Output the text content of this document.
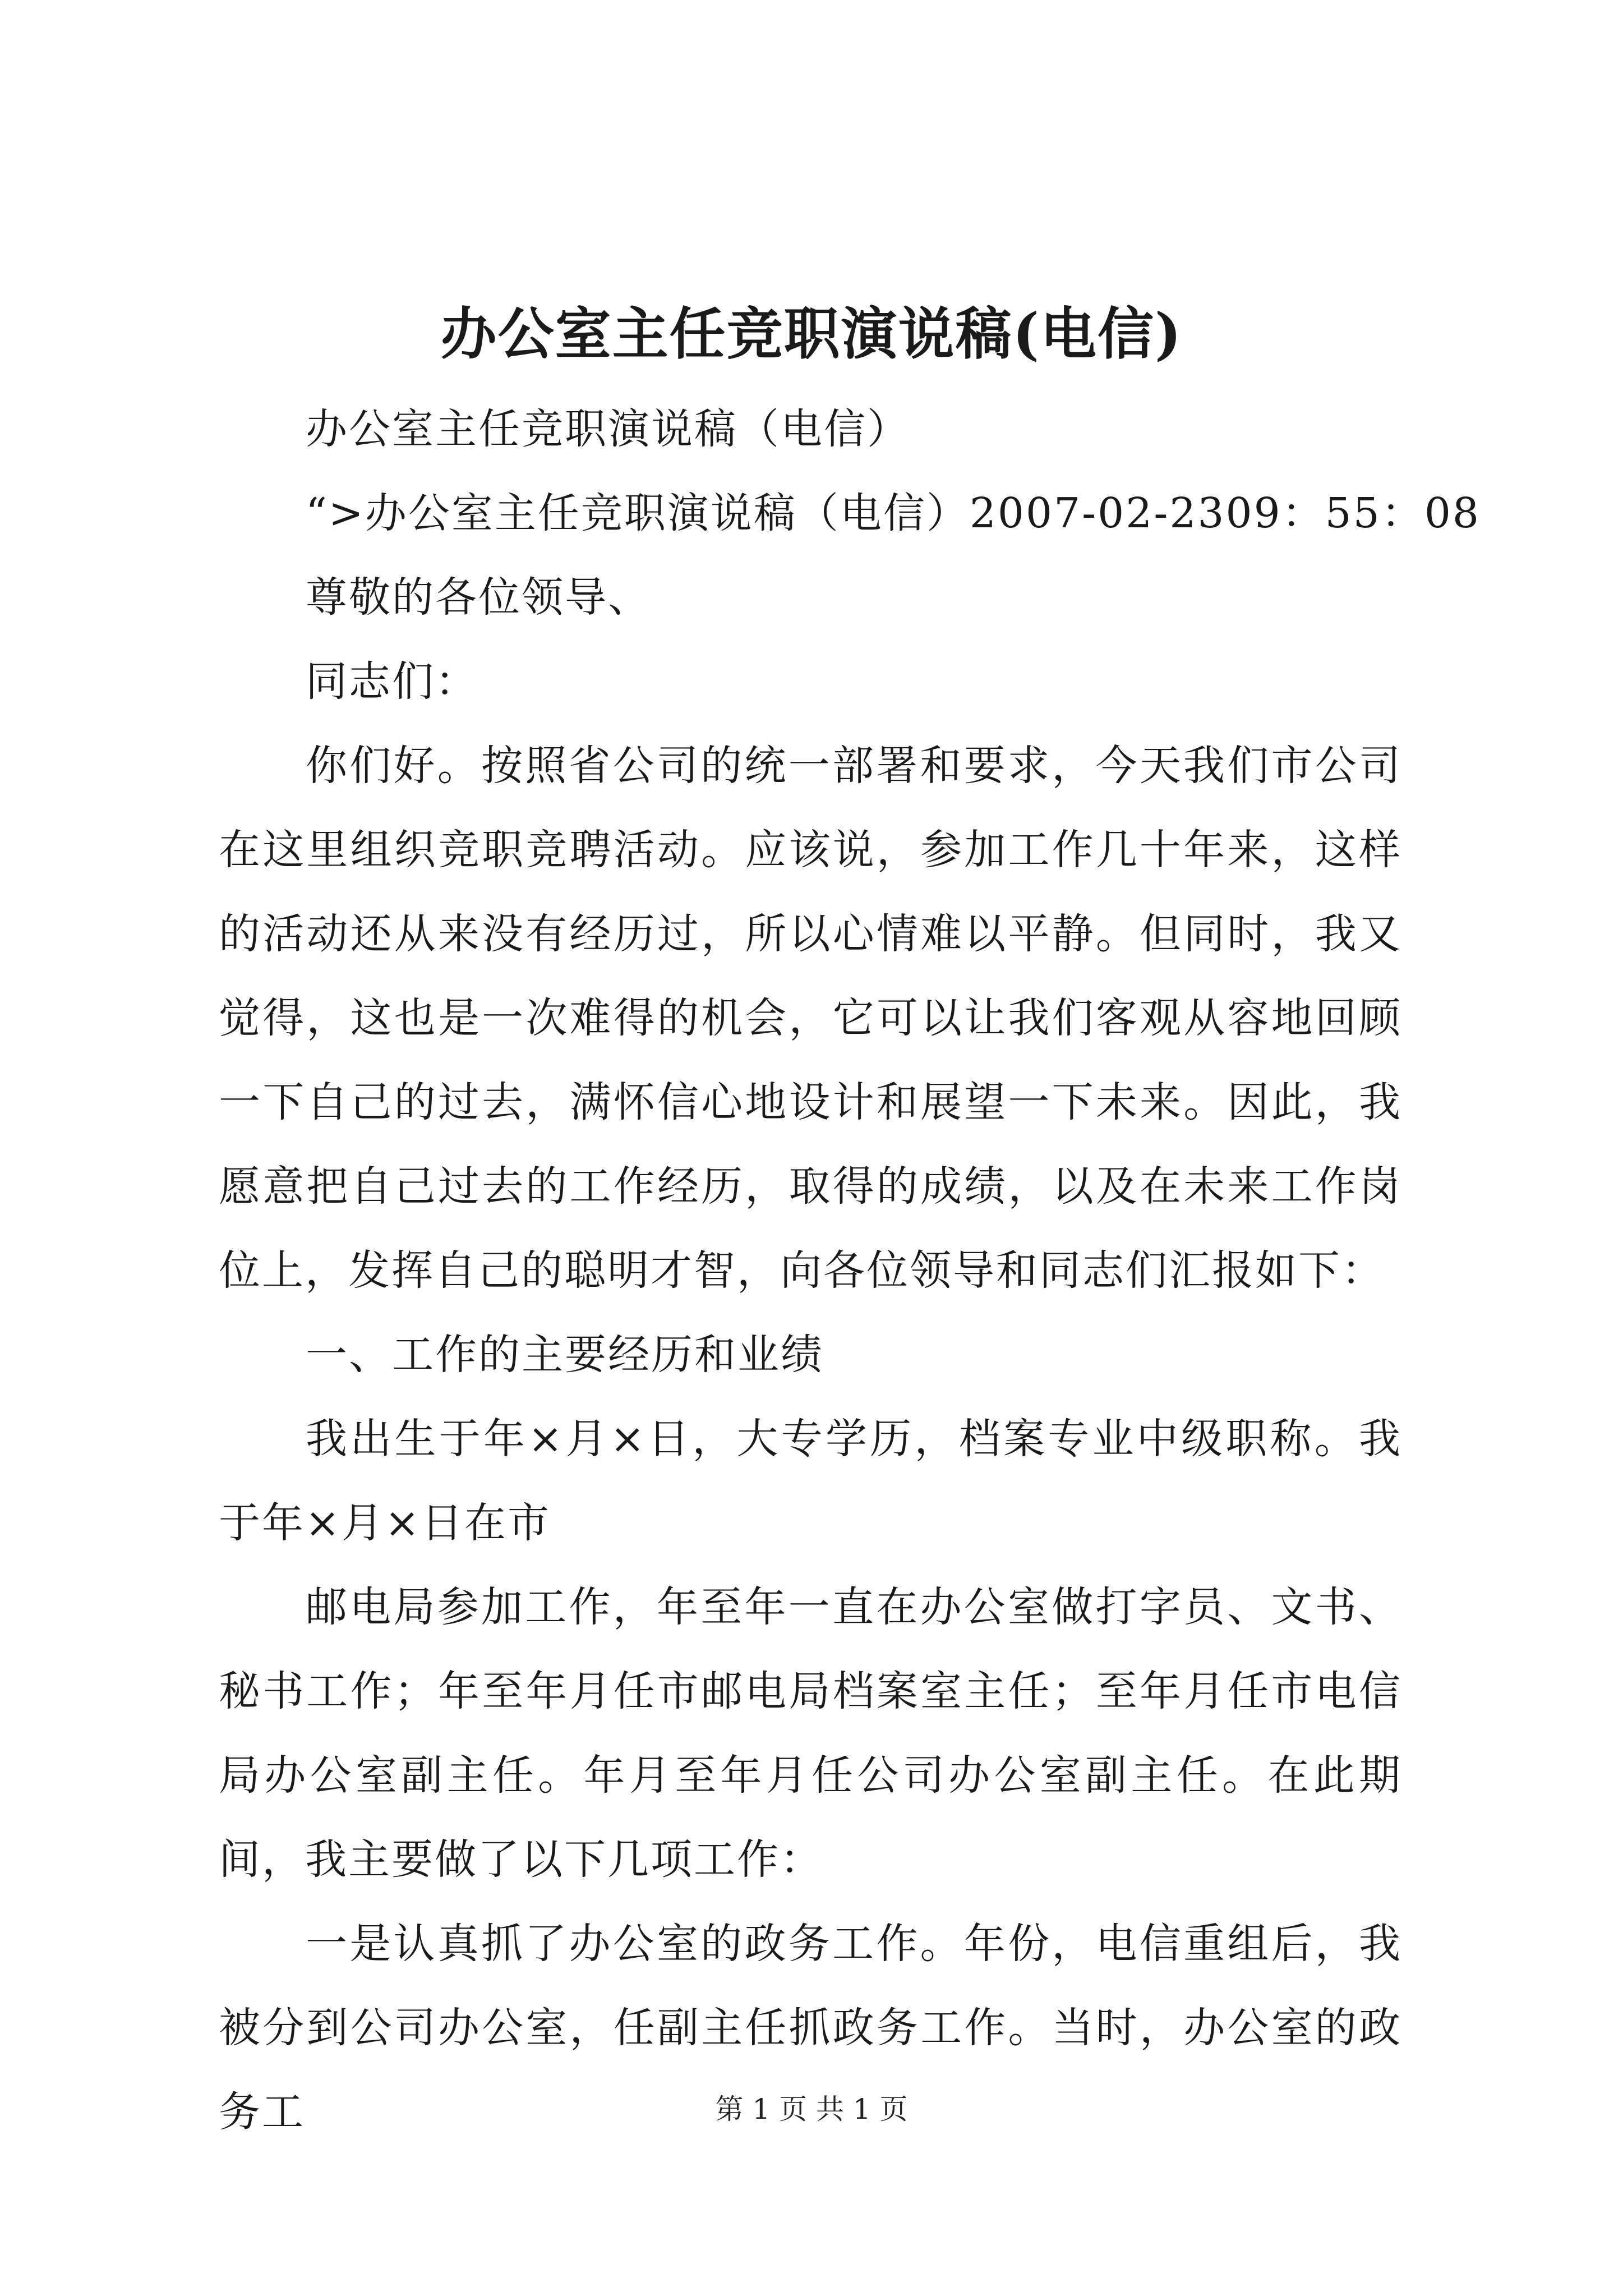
办公室主任竞职演说稿(电信)

办公室主任竞职演说稿（电信）

“>办公室主任竞职演说稿（电信）2007-02-2309：55：08

尊敬的各位领导、

同志们：

你们好。按照省公司的统一部署和要求，今天我们市公司在这里组织竞职竞聘活动。应该说，参加工作几十年来，这样的活动还从来没有经历过，所以心情难以平静。但同时，我又觉得，这也是一次难得的机会，它可以让我们客观从容地回顾一下自己的过去，满怀信心地设计和展望一下未来。因此，我愿意把自己过去的工作经历，取得的成绩，以及在未来工作岗位上，发挥自己的聪明才智，向各位领导和同志们汇报如下：

一、工作的主要经历和业绩

我出生于年×月×日，大专学历，档案专业中级职称。我于年×月×日在市

邮电局参加工作，年至年一直在办公室做打字员、文书、秘书工作；年至年月任市邮电局档案室主任；至年月任市电信局办公室副主任。年月至年月任公司办公室副主任。在此期间，我主要做了以下几项工作：

一是认真抓了办公室的政务工作。年份，电信重组后，我被分到公司办公室，任副主任抓政务工作。当时，办公室的政务工	第 1 页 共 1 页
